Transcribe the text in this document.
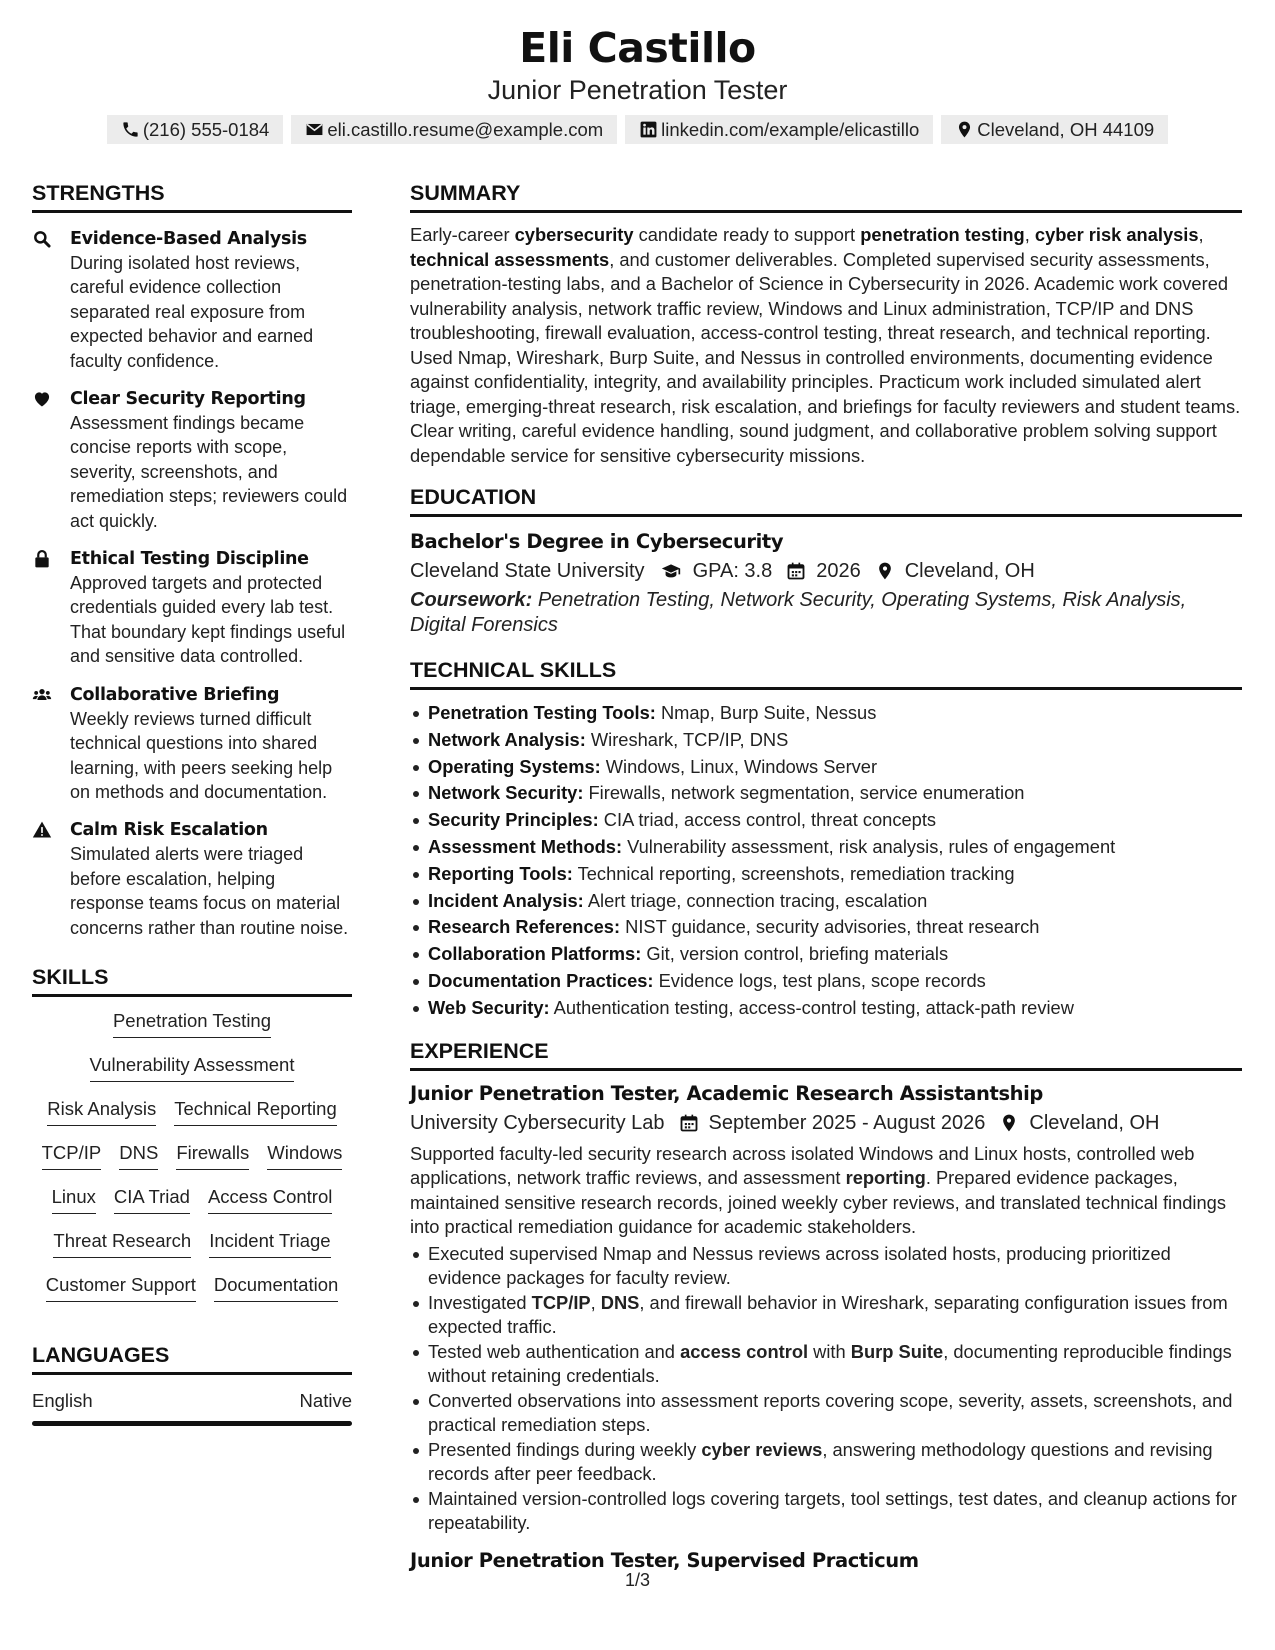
Eli Castillo
Junior Penetration Tester
(216) 555-0184	eli.castillo.resume@example.com	linkedin.com/example/elicastillo	Cleveland, OH 44109
STRENGTHS
Evidence-Based Analysis
During isolated host reviews, careful evidence collection separated real exposure from expected behavior and earned faculty confidence.
Clear Security Reporting
Assessment findings became concise reports with scope, severity, screenshots, and remediation steps; reviewers could act quickly.
Ethical Testing Discipline
Approved targets and protected credentials guided every lab test. That boundary kept findings useful and sensitive data controlled.
Collaborative Briefing
Weekly reviews turned difficult technical questions into shared learning, with peers seeking help on methods and documentation.
Calm Risk Escalation
Simulated alerts were triaged before escalation, helping response teams focus on material concerns rather than routine noise.
SKILLS
Penetration Testing
Vulnerability Assessment
Risk Analysis Technical Reporting
TCP/IP DNS Firewalls Windows
Linux CIA Triad Access Control
Threat Research Incident Triage
Customer Support Documentation
LANGUAGES
English	Native
SUMMARY
Early-career cybersecurity candidate ready to support penetration testing, cyber risk analysis, technical assessments, and customer deliverables. Completed supervised security assessments, penetration-testing labs, and a Bachelor of Science in Cybersecurity in 2026. Academic work covered vulnerability analysis, network traffic review, Windows and Linux administration, TCP/IP and DNS troubleshooting, firewall evaluation, access-control testing, threat research, and technical reporting. Used Nmap, Wireshark, Burp Suite, and Nessus in controlled environments, documenting evidence against confidentiality, integrity, and availability principles. Practicum work included simulated alert triage, emerging-threat research, risk escalation, and briefings for faculty reviewers and student teams. Clear writing, careful evidence handling, sound judgment, and collaborative problem solving support dependable service for sensitive cybersecurity missions.
EDUCATION
Bachelor's Degree in Cybersecurity
Cleveland State University GPA: 3.8 2026 Cleveland, OH
Coursework: Penetration Testing, Network Security, Operating Systems, Risk Analysis, Digital Forensics
TECHNICAL SKILLS
Penetration Testing Tools: Nmap, Burp Suite, Nessus
Network Analysis: Wireshark, TCP/IP, DNS
Operating Systems: Windows, Linux, Windows Server
Network Security: Firewalls, network segmentation, service enumeration
Security Principles: CIA triad, access control, threat concepts
Assessment Methods: Vulnerability assessment, risk analysis, rules of engagement
Reporting Tools: Technical reporting, screenshots, remediation tracking
Incident Analysis: Alert triage, connection tracing, escalation
Research References: NIST guidance, security advisories, threat research
Collaboration Platforms: Git, version control, briefing materials
Documentation Practices: Evidence logs, test plans, scope records
Web Security: Authentication testing, access-control testing, attack-path review
EXPERIENCE
Junior Penetration Tester, Academic Research Assistantship
University Cybersecurity Lab September 2025 - August 2026 Cleveland, OH
Supported faculty-led security research across isolated Windows and Linux hosts, controlled web applications, network traffic reviews, and assessment reporting. Prepared evidence packages, maintained sensitive research records, joined weekly cyber reviews, and translated technical findings into practical remediation guidance for academic stakeholders.
Executed supervised Nmap and Nessus reviews across isolated hosts, producing prioritized evidence packages for faculty review.
Investigated TCP/IP, DNS, and firewall behavior in Wireshark, separating configuration issues from expected traffic.
Tested web authentication and access control with Burp Suite, documenting reproducible findings without retaining credentials.
Converted observations into assessment reports covering scope, severity, assets, screenshots, and practical remediation steps.
Presented findings during weekly cyber reviews, answering methodology questions and revising records after peer feedback.
Maintained version-controlled logs covering targets, tool settings, test dates, and cleanup actions for repeatability.
Junior Penetration Tester, Supervised Practicum
1/3
